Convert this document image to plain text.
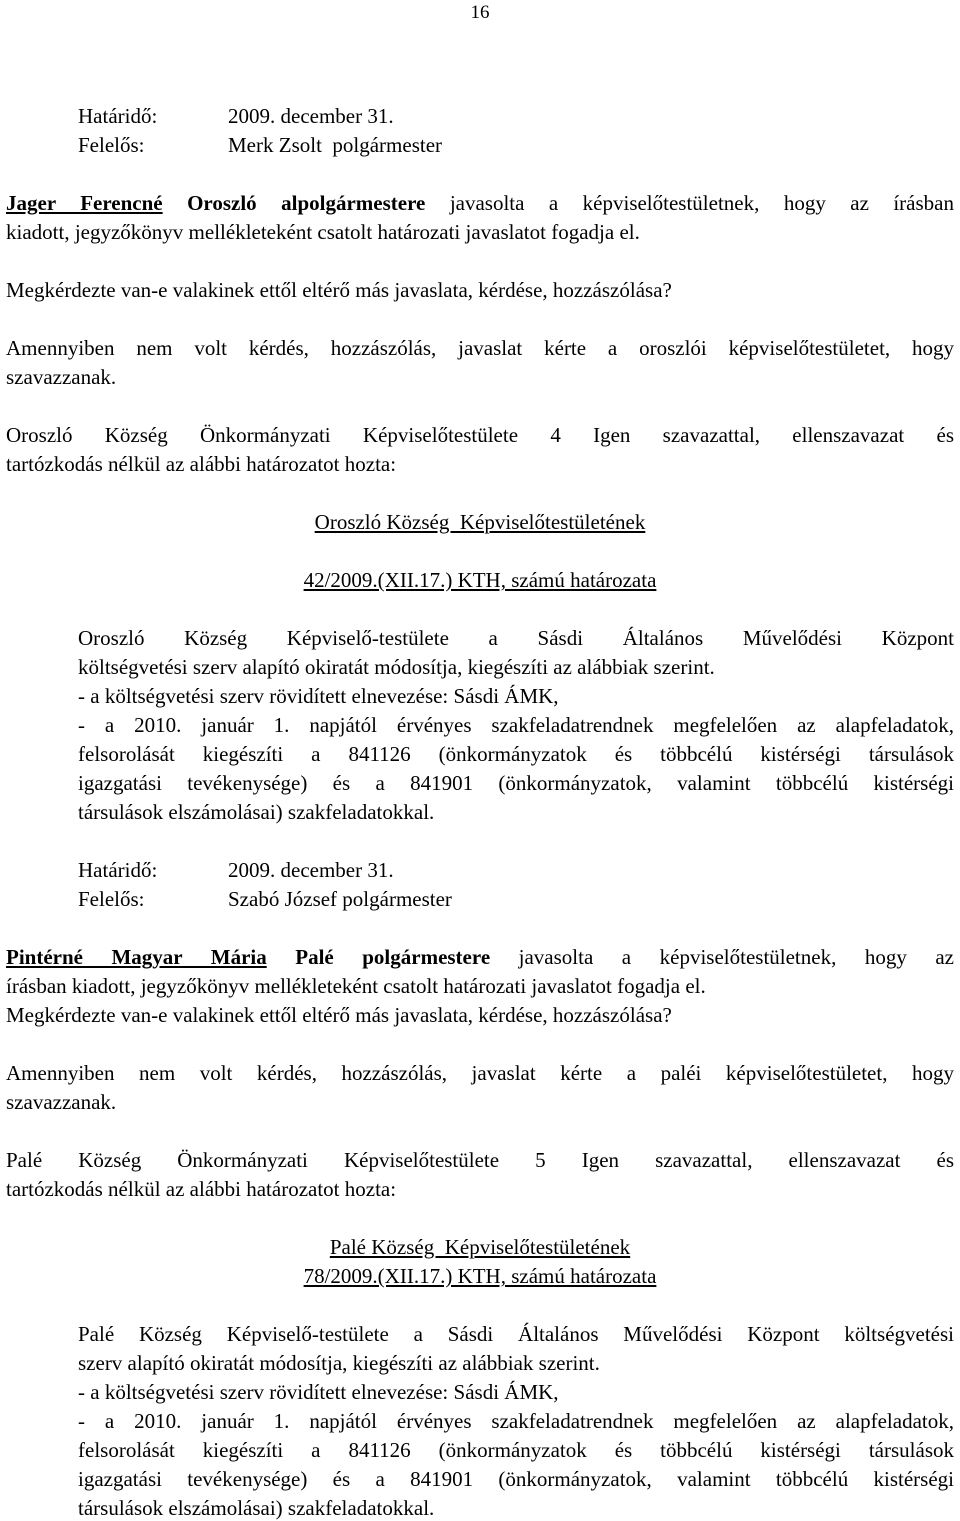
16
Határidő:	2009. december 31.
Felelős:	Merk Zsolt  polgármester
Jager Ferencné Oroszló alpolgármestere javasolta a képviselőtestületnek, hogy az írásban
kiadott, jegyzőkönyv mellékleteként csatolt határozati javaslatot fogadja el.
Megkérdezte van-e valakinek ettől eltérő más javaslata, kérdése, hozzászólása?
Amennyiben nem volt kérdés, hozzászólás, javaslat kérte a oroszlói képviselőtestületet, hogy
szavazzanak.
Oroszló Község Önkormányzati Képviselőtestülete 4 Igen szavazattal, ellenszavazat és
tartózkodás nélkül az alábbi határozatot hozta:
Oroszló Község  Képviselőtestületének
42/2009.(XII.17.) KTH, számú határozata
Oroszló Község Képviselő-testülete a Sásdi Általános Művelődési Központ
költségvetési szerv alapító okiratát módosítja, kiegészíti az alábbiak szerint.
- a költségvetési szerv rövidített elnevezése: Sásdi ÁMK,
- a 2010. január 1. napjától érvényes szakfeladatrendnek megfelelően az alapfeladatok,
felsorolását kiegészíti a 841126 (önkormányzatok és többcélú kistérségi társulások
igazgatási tevékenysége) és a 841901 (önkormányzatok, valamint többcélú kistérségi
társulások elszámolásai) szakfeladatokkal.
Határidő:	2009. december 31.
Felelős:	Szabó József polgármester
Pintérné Magyar Mária Palé polgármestere javasolta a képviselőtestületnek, hogy az
írásban kiadott, jegyzőkönyv mellékleteként csatolt határozati javaslatot fogadja el.
Megkérdezte van-e valakinek ettől eltérő más javaslata, kérdése, hozzászólása?
Amennyiben nem volt kérdés, hozzászólás, javaslat kérte a paléi képviselőtestületet, hogy
szavazzanak.
Palé Község Önkormányzati Képviselőtestülete 5 Igen szavazattal, ellenszavazat és
tartózkodás nélkül az alábbi határozatot hozta:
Palé Község  Képviselőtestületének
78/2009.(XII.17.) KTH, számú határozata
Palé Község Képviselő-testülete a Sásdi Általános Művelődési Központ költségvetési
szerv alapító okiratát módosítja, kiegészíti az alábbiak szerint.
- a költségvetési szerv rövidített elnevezése: Sásdi ÁMK,
- a 2010. január 1. napjától érvényes szakfeladatrendnek megfelelően az alapfeladatok,
felsorolását kiegészíti a 841126 (önkormányzatok és többcélú kistérségi társulások
igazgatási tevékenysége) és a 841901 (önkormányzatok, valamint többcélú kistérségi
társulások elszámolásai) szakfeladatokkal.
